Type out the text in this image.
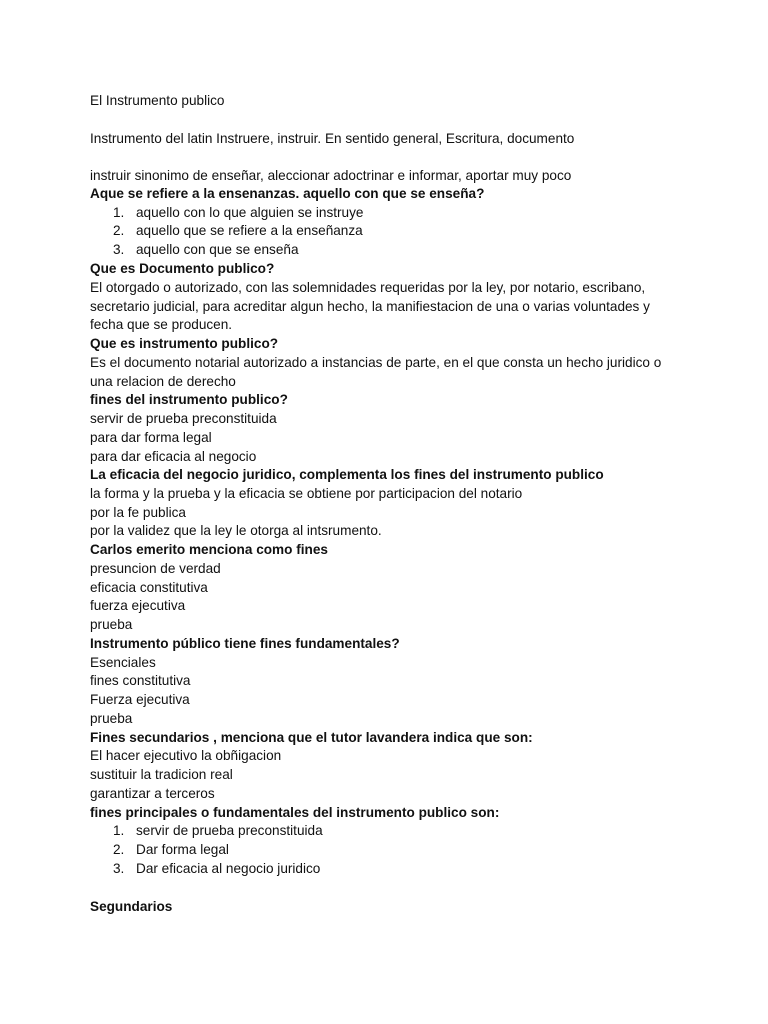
El Instrumento publico
Instrumento del latin Instruere, instruir. En sentido general, Escritura, documento
instruir sinonimo de enseñar, aleccionar adoctrinar e informar, aportar muy poco
Aque se refiere a la ensenanzas. aquello con que se enseña?
1. aquello con lo que alguien se instruye
2. aquello que se refiere a la enseñanza
3. aquello con que se enseña
Que es Documento publico?
El otorgado o autorizado, con las solemnidades requeridas por la ley, por notario, escribano,
secretario judicial, para acreditar algun hecho, la manifiestacion de una o varias voluntades y
fecha que se producen.
Que es instrumento publico?
Es el documento notarial autorizado a instancias de parte, en el que consta un hecho juridico o
una relacion de derecho
fines del instrumento publico?
servir de prueba preconstituida
para dar forma legal
para dar eficacia al negocio
La eficacia del negocio juridico, complementa los fines del instrumento publico
la forma y la prueba y la eficacia se obtiene por participacion del notario
por la fe publica
por la validez que la ley le otorga al intsrumento.
Carlos emerito menciona como fines
presuncion de verdad
eficacia constitutiva
fuerza ejecutiva
prueba
Instrumento público tiene fines fundamentales?
Esenciales
fines constitutiva
Fuerza ejecutiva
prueba
Fines secundarios , menciona que el tutor lavandera indica que son:
El hacer ejecutivo la obñigacion
sustituir la tradicion real
garantizar a terceros
fines principales o fundamentales del instrumento publico son:
1. servir de prueba preconstituida
2. Dar forma legal
3. Dar eficacia al negocio juridico
Segundarios
